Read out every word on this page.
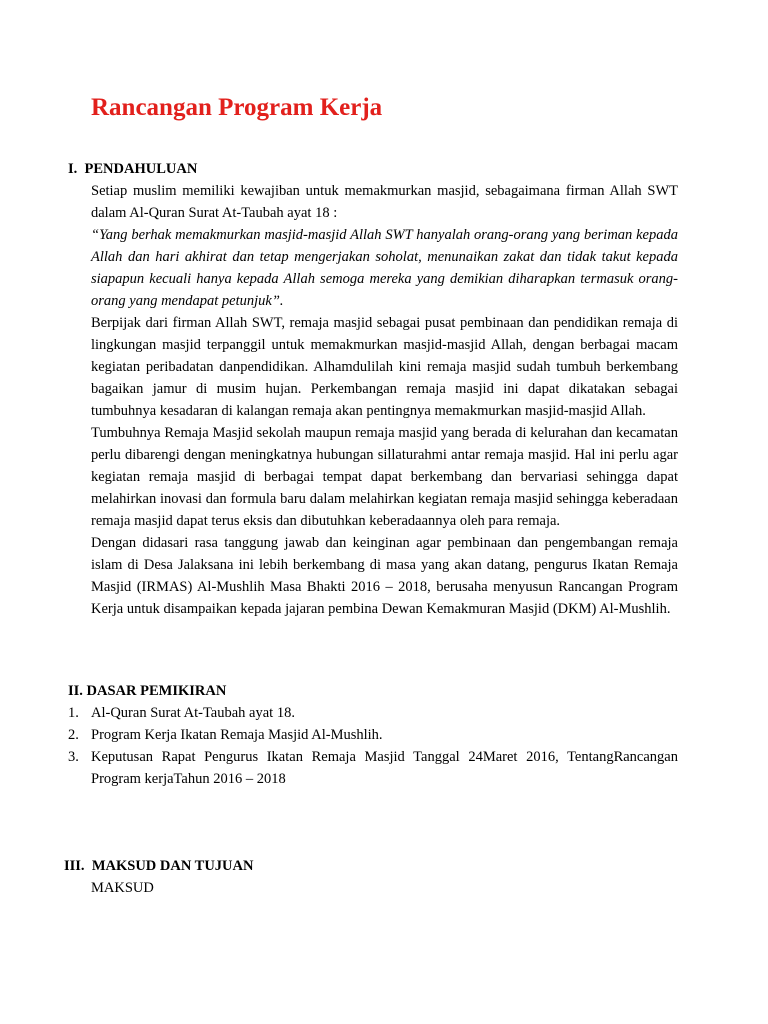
Rancangan Program Kerja
I. PENDAHULUAN

Setiap muslim memiliki kewajiban untuk memakmurkan masjid, sebagaimana firman Allah SWT dalam Al-Quran Surat At-Taubah ayat 18 :

“Yang berhak memakmurkan masjid-masjid Allah SWT hanyalah orang-orang yang beriman kepada Allah dan hari akhirat dan tetap mengerjakan soholat, menunaikan zakat dan tidak takut kepada siapapun kecuali hanya kepada Allah semoga mereka yang demikian diharapkan termasuk orang-orang yang mendapat petunjuk”.

Berpijak dari firman Allah SWT, remaja masjid sebagai pusat pembinaan dan pendidikan remaja di lingkungan masjid terpanggil untuk memakmurkan masjid-masjid Allah, dengan berbagai macam kegiatan peribadatan danpendidikan. Alhamdulilah kini remaja masjid sudah tumbuh berkembang bagaikan jamur di musim hujan. Perkembangan remaja masjid ini dapat dikatakan sebagai tumbuhnya kesadaran di kalangan remaja akan pentingnya memakmurkan masjid-masjid Allah.

Tumbuhnya Remaja Masjid sekolah maupun remaja masjid yang berada di kelurahan dan kecamatan perlu dibarengi dengan meningkatnya hubungan sillaturahmi antar remaja masjid. Hal ini perlu agar kegiatan remaja masjid di berbagai tempat dapat berkembang dan bervariasi sehingga dapat melahirkan inovasi dan formula baru dalam melahirkan kegiatan remaja masjid sehingga keberadaan remaja masjid dapat terus eksis dan dibutuhkan keberadaannya oleh para remaja.

Dengan didasari rasa tanggung jawab dan keinginan agar pembinaan dan pengembangan remaja islam di Desa Jalaksana ini lebih berkembang di masa yang akan datang, pengurus Ikatan Remaja Masjid (IRMAS) Al-Mushlih Masa Bhakti 2016 – 2018, berusaha menyusun Rancangan Program Kerja untuk disampaikan kepada jajaran pembina Dewan Kemakmuran Masjid (DKM) Al-Mushlih.

II. DASAR PEMIKIRAN
1. Al-Quran Surat At-Taubah ayat 18.
2. Program Kerja Ikatan Remaja Masjid Al-Mushlih.
3. Keputusan Rapat Pengurus Ikatan Remaja Masjid Tanggal 24Maret 2016, TentangRancangan Program kerjaTahun 2016 – 2018
III. MAKSUD DAN TUJUAN
MAKSUD
